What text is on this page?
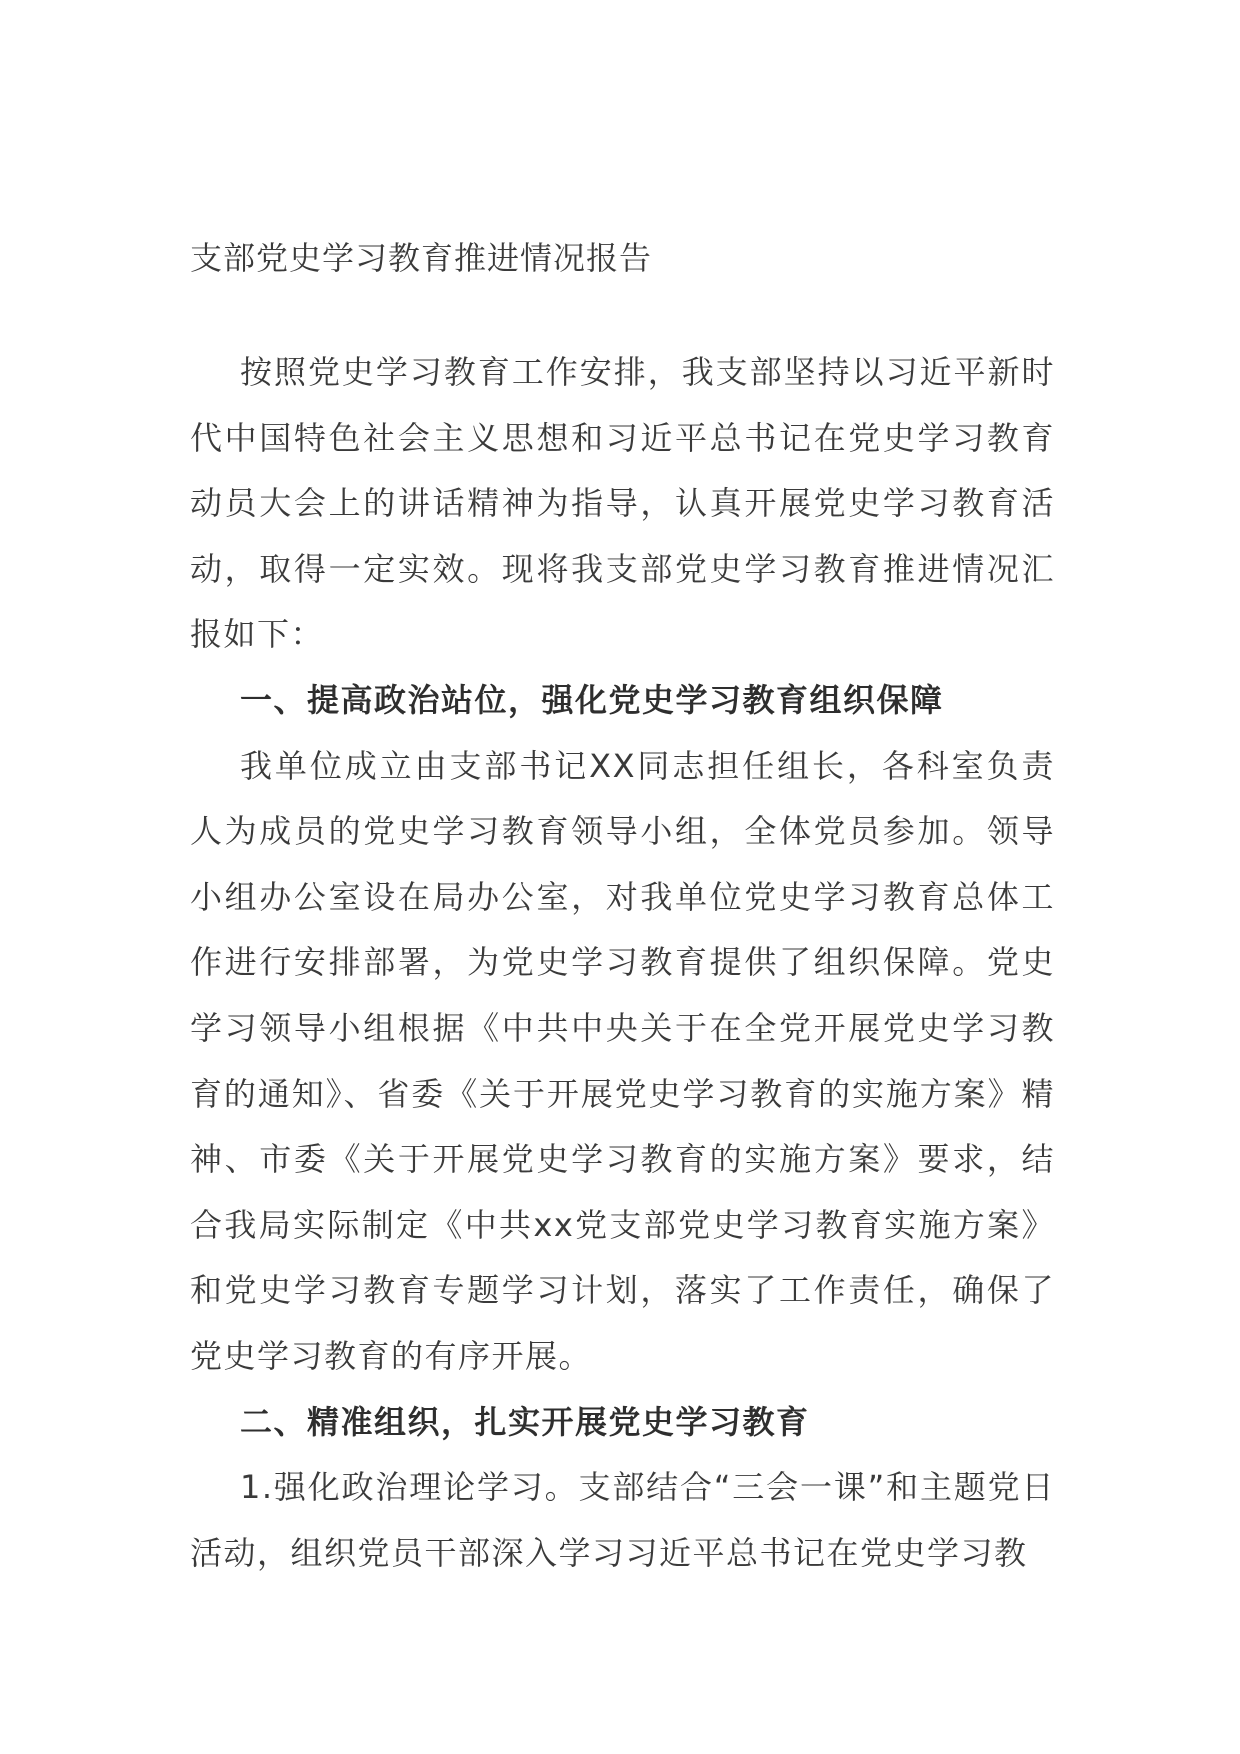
支部党史学习教育推进情况报告

按照党史学习教育工作安排，我支部坚持以习近平新时代中国特色社会主义思想和习近平总书记在党史学习教育动员大会上的讲话精神为指导，认真开展党史学习教育活动，取得一定实效。现将我支部党史学习教育推进情况汇报如下：

一、提高政治站位，强化党史学习教育组织保障

我单位成立由支部书记XX同志担任组长，各科室负责人为成员的党史学习教育领导小组，全体党员参加。领导小组办公室设在局办公室，对我单位党史学习教育总体工作进行安排部署，为党史学习教育提供了组织保障。党史学习领导小组根据《中共中央关于在全党开展党史学习教育的通知》、省委《关于开展党史学习教育的实施方案》精神、市委《关于开展党史学习教育的实施方案》要求，结合我局实际制定《中共xx党支部党史学习教育实施方案》和党史学习教育专题学习计划，落实了工作责任，确保了党史学习教育的有序开展。

二、精准组织，扎实开展党史学习教育

1.强化政治理论学习。支部结合“三会一课”和主题党日活动，组织党员干部深入学习习近平总书记在党史学习教
